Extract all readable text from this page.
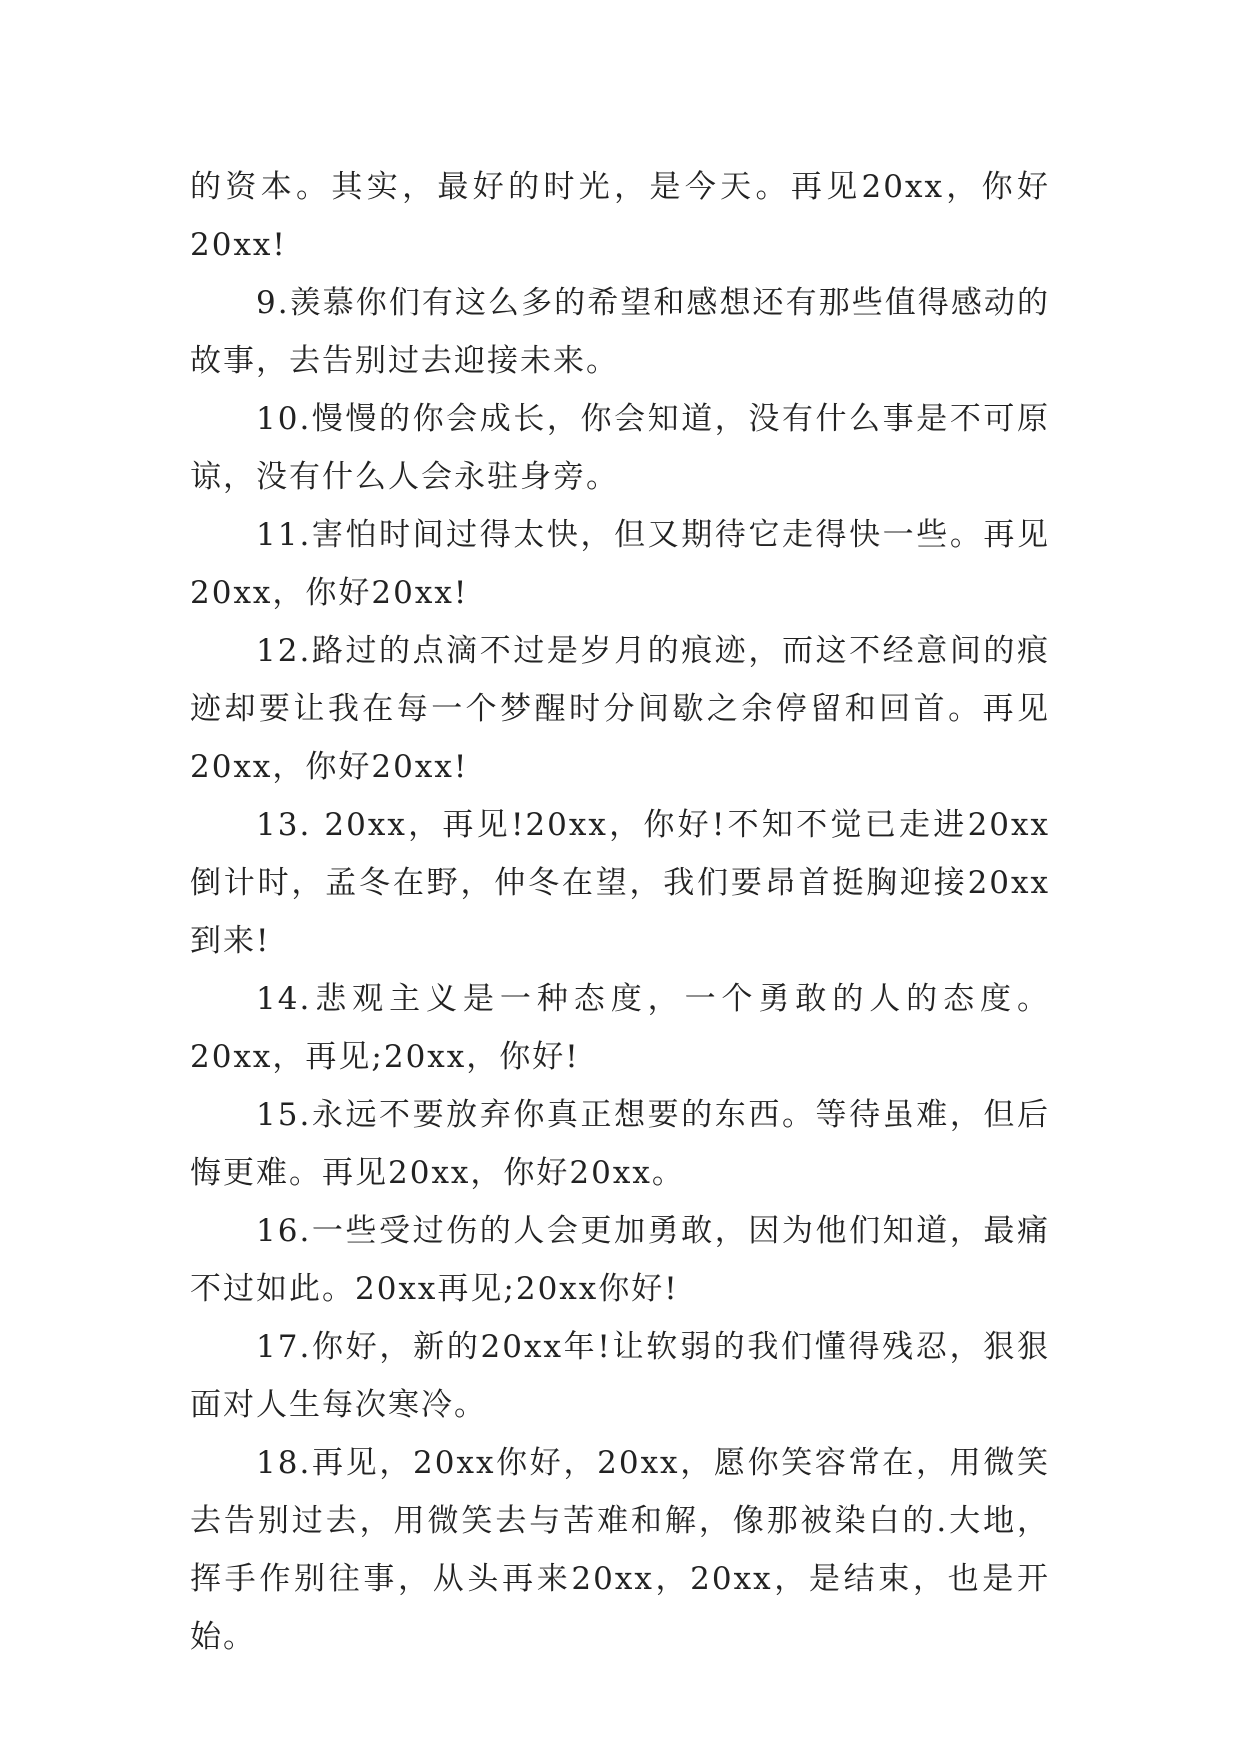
的资本。其实，最好的时光，是今天。再见20xx，你好20xx!

9.羡慕你们有这么多的希望和感想还有那些值得感动的故事，去告别过去迎接未来。

10.慢慢的你会成长，你会知道，没有什么事是不可原谅，没有什么人会永驻身旁。

11.害怕时间过得太快，但又期待它走得快一些。再见20xx，你好20xx!

12.路过的点滴不过是岁月的痕迹，而这不经意间的痕迹却要让我在每一个梦醒时分间歇之余停留和回首。再见20xx，你好20xx!

13. 20xx，再见!20xx，你好!不知不觉已走进20xx倒计时，孟冬在野，仲冬在望，我们要昂首挺胸迎接20xx到来!

14.悲观主义是一种态度，一个勇敢的人的态度。20xx，再见;20xx，你好!

15.永远不要放弃你真正想要的东西。等待虽难，但后悔更难。再见20xx，你好20xx。

16.一些受过伤的人会更加勇敢，因为他们知道，最痛不过如此。20xx再见;20xx你好!

17.你好，新的20xx年!让软弱的我们懂得残忍，狠狠面对人生每次寒冷。

18.再见，20xx你好，20xx，愿你笑容常在，用微笑去告别过去，用微笑去与苦难和解，像那被染白的.大地，挥手作别往事，从头再来20xx，20xx，是结束，也是开始。
